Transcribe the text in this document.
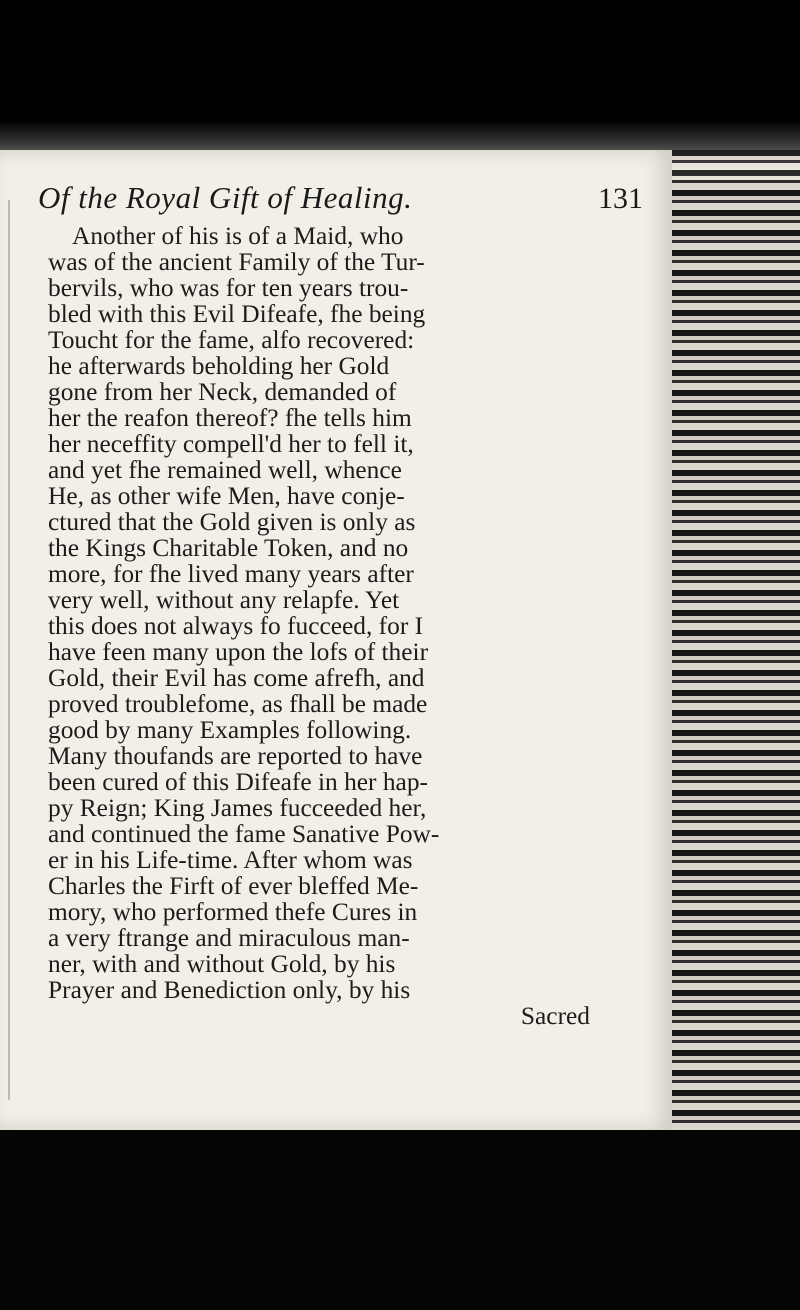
Of the Royal Gift of Healing.	131
Another of his is of a Maid, who
was of the ancient Family of the Tur-
bervils, who was for ten years trou-
bled with this Evil Difeafe, fhe being
Toucht for the fame, alfo recovered:
he afterwards beholding her Gold
gone from her Neck, demanded of
her the reafon thereof? fhe tells him
her neceffity compell'd her to fell it,
and yet fhe remained well, whence
He, as other wife Men, have conje-
ctured that the Gold given is only as
the Kings Charitable Token, and no
more, for fhe lived many years after
very well, without any relapfe. Yet
this does not always fo fucceed, for I
have feen many upon the lofs of their
Gold, their Evil has come afrefh, and
proved troublefome, as fhall be made
good by many Examples following.
Many thoufands are reported to have
been cured of this Difeafe in her hap-
py Reign; King James fucceeded her,
and continued the fame Sanative Pow-
er in his Life-time. After whom was
Charles the Firft of ever bleffed Me-
mory, who performed thefe Cures in
a very ftrange and miraculous man-
ner, with and without Gold, by his
Prayer and Benediction only, by his
Sacred
